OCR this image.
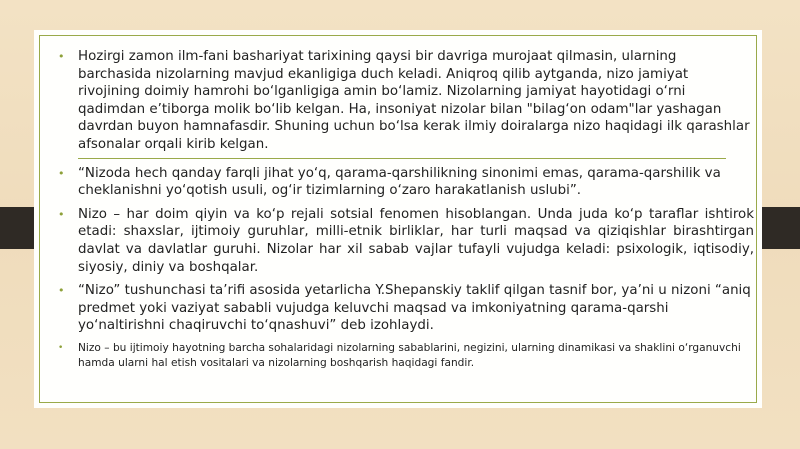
• Hozirgi zamon ilm-fani bashariyat tarixining qaysi bir davriga murojaat qilmasin, ularning barchasida nizolarning mavjud ekanligiga duch keladi. Aniqroq qilib aytganda, nizo jamiyat rivojining doimiy hamrohi bo‘lganligiga amin bo‘lamiz. Nizolarning jamiyat hayotidagi o‘rni qadimdan e’tiborga molik bo‘lib kelgan. Ha, insoniyat nizolar bilan "bilag‘on odam"lar yashagan davrdan buyon hamnafasdir. Shuning uchun bo‘lsa kerak ilmiy doiralarga nizo haqidagi ilk qarashlar afsonalar orqali kirib kelgan.
• “Nizoda hech qanday farqli jihat yo‘q, qarama-qarshilikning sinonimi emas, qarama-qarshilik va cheklanishni yo‘qotish usuli, og‘ir tizimlarning o‘zaro harakatlanish uslubi”.
• Nizo – har doim qiyin va ko‘p rejali sotsial fenomen hisoblangan. Unda juda ko‘p taraflar ishtirok etadi: shaxslar, ijtimoiy guruhlar, milli-etnik birliklar, har turli maqsad va qiziqishlar birashtirgan davlat va davlatlar guruhi. Nizolar har xil sabab vajlar tufayli vujudga keladi: psixologik, iqtisodiy, siyosiy, diniy va boshqalar.
• “Nizo” tushunchasi ta’rifi asosida yetarlicha Y.Shepanskiy taklif qilgan tasnif bor, ya’ni u nizoni “aniq predmet yoki vaziyat sababli vujudga keluvchi maqsad va imkoniyatning qarama-qarshi yo‘naltirishni chaqiruvchi to‘qnashuvi” deb izohlaydi.
• Nizo – bu ijtimoiy hayotning barcha sohalaridagi nizolarning sabablarini, negizini, ularning dinamikasi va shaklini o‘rganuvchi hamda ularni hal etish vositalari va nizolarning boshqarish haqidagi fandir.
